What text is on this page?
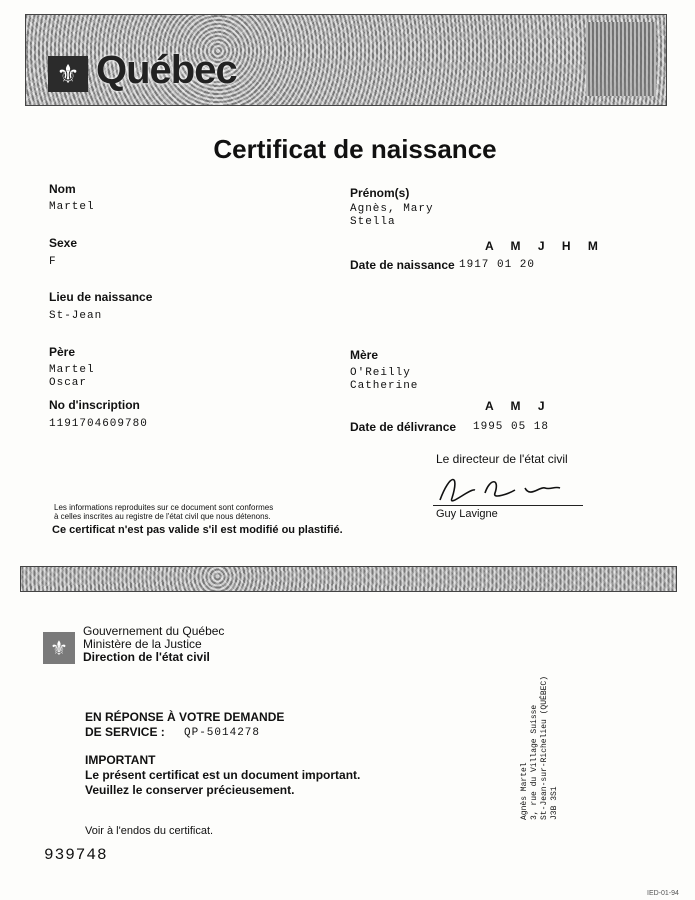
⚜ Québec
Certificat de naissance
Nom
Martel
Sexe
F
Lieu de naissance
St-Jean
Père
Martel
Oscar
No d'inscription
1191704609780
Prénom(s)
Agnès, Mary
Stella
A M J H M
Date de naissance 1917 01 20
Mère
O'Reilly
Catherine
A M J
Date de délivrance 1995 05 18
Le directeur de l'état civil
Guy Lavigne
Les informations reproduites sur ce document sont conformes
à celles inscrites au registre de l'état civil que nous détenons.
Ce certificat n'est pas valide s'il est modifié ou plastifié.
⚜
Gouvernement du Québec
Ministère de la Justice
Direction de l'état civil
EN RÉPONSE À VOTRE DEMANDE
DE SERVICE : QP-5014278
IMPORTANT
Le présent certificat est un document important.
Veuillez le conserver précieusement.
Voir à l'endos du certificat.
Agnès Martel 3, rue du Village Suisse St-Jean-sur-Richelieu (QUÉBEC) J3B 3S1
939748
IED-01-94
